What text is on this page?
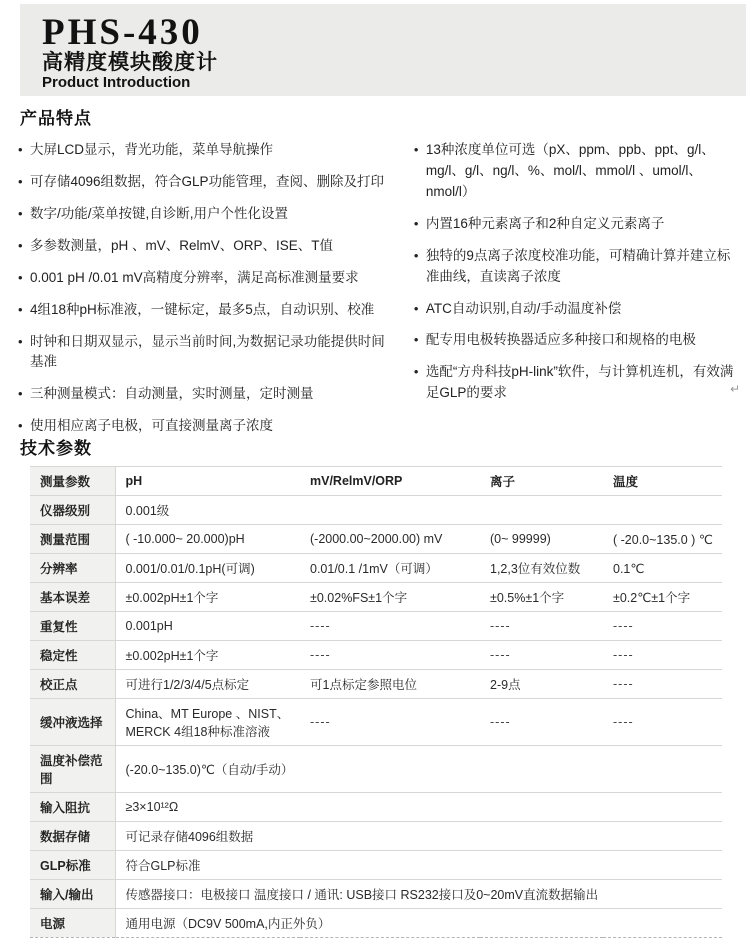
PHS-430
高精度模块酸度计
Product Introduction
产品特点
• 大屏LCD显示，背光功能，菜单导航操作
• 可存储4096组数据，符合GLP功能管理，查阅、删除及打印
• 数字/功能/菜单按键,自诊断,用户个性化设置
• 多参数测量，pH 、mV、RelmV、ORP、ISE、T值
• 0.001 pH /0.01 mV高精度分辨率，满足高标准测量要求
• 4组18种pH标准液，一键标定，最多5点，自动识别、校准
• 时钟和日期双显示，显示当前时间,为数据记录功能提供时间基准
• 三种测量模式：自动测量，实时测量，定时测量
• 使用相应离子电极，可直接测量离子浓度
• 13种浓度单位可选（pX、ppm、ppb、ppt、g/l、mg/l、g/l、ng/l、%、mol/l、mmol/l 、umol/l、nmol/l）
• 内置16种元素离子和2种自定义元素离子
• 独特的9点离子浓度校准功能，可精确计算并建立标准曲线，直读离子浓度
• ATC自动识别,自动/手动温度补偿
• 配专用电极转换器适应多种接口和规格的电极
• 选配“方舟科技pH-link”软件，与计算机连机，有效满足GLP的要求	↵
技术参数
测量参数	pH	mV/RelmV/ORP	离子	温度
仪器级别	0.001级			
测量范围	( -10.000~ 20.000)pH	(-2000.00~2000.00) mV	(0~ 99999)	( -20.0~135.0 ) ℃
分辨率	0.001/0.01/0.1pH(可调)	0.01/0.1 /1mV（可调）	1,2,3位有效位数	0.1℃
基本误差	±0.002pH±1个字	±0.02%FS±1个字	±0.5%±1个字	±0.2℃±1个字
重复性	0.001pH	----	----	----
稳定性	±0.002pH±1个字	----	----	----
校正点	可进行1/2/3/4/5点标定	可1点标定参照电位	2-9点	----
缓冲液选择	China、MT Europe 、NIST、MERCK 4组18种标准溶液	----	----	----
温度补偿范围	(-20.0~135.0)℃（自动/手动）			
输入阻抗	≥3×10¹²Ω			
数据存储	可记录存储4096组数据			
GLP标准	符合GLP标准			
输入/输出	传感器接口：电极接口 温度接口 / 通讯: USB接口 RS232接口及0~20mV直流数据输出			
电源	通用电源（DC9V 500mA,内正外负）			
